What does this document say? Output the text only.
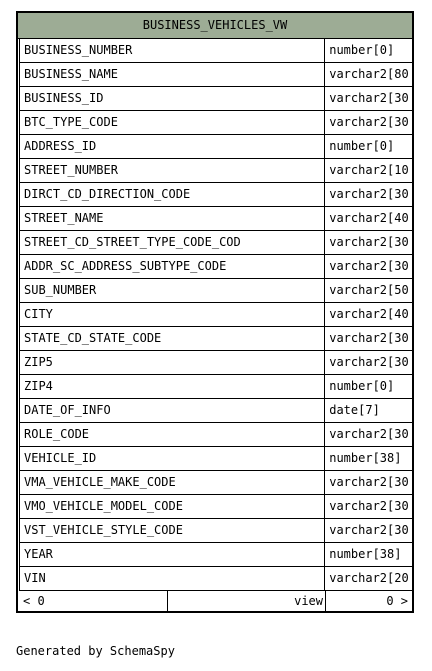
BUSINESS_VEHICLES_VW
BUSINESS_NUMBER	number[0]
BUSINESS_NAME	varchar2[80
BUSINESS_ID	varchar2[30
BTC_TYPE_CODE	varchar2[30
ADDRESS_ID	number[0]
STREET_NUMBER	varchar2[10
DIRCT_CD_DIRECTION_CODE	varchar2[30
STREET_NAME	varchar2[40
STREET_CD_STREET_TYPE_CODE_COD	varchar2[30
ADDR_SC_ADDRESS_SUBTYPE_CODE	varchar2[30
SUB_NUMBER	varchar2[50
CITY	varchar2[40
STATE_CD_STATE_CODE	varchar2[30
ZIP5	varchar2[30
ZIP4	number[0]
DATE_OF_INFO	date[7]
ROLE_CODE	varchar2[30
VEHICLE_ID	number[38]
VMA_VEHICLE_MAKE_CODE	varchar2[30
VMO_VEHICLE_MODEL_CODE	varchar2[30
VST_VEHICLE_STYLE_CODE	varchar2[30
YEAR	number[38]
VIN	varchar2[20
< 0	view	0 >
Generated by SchemaSpy
